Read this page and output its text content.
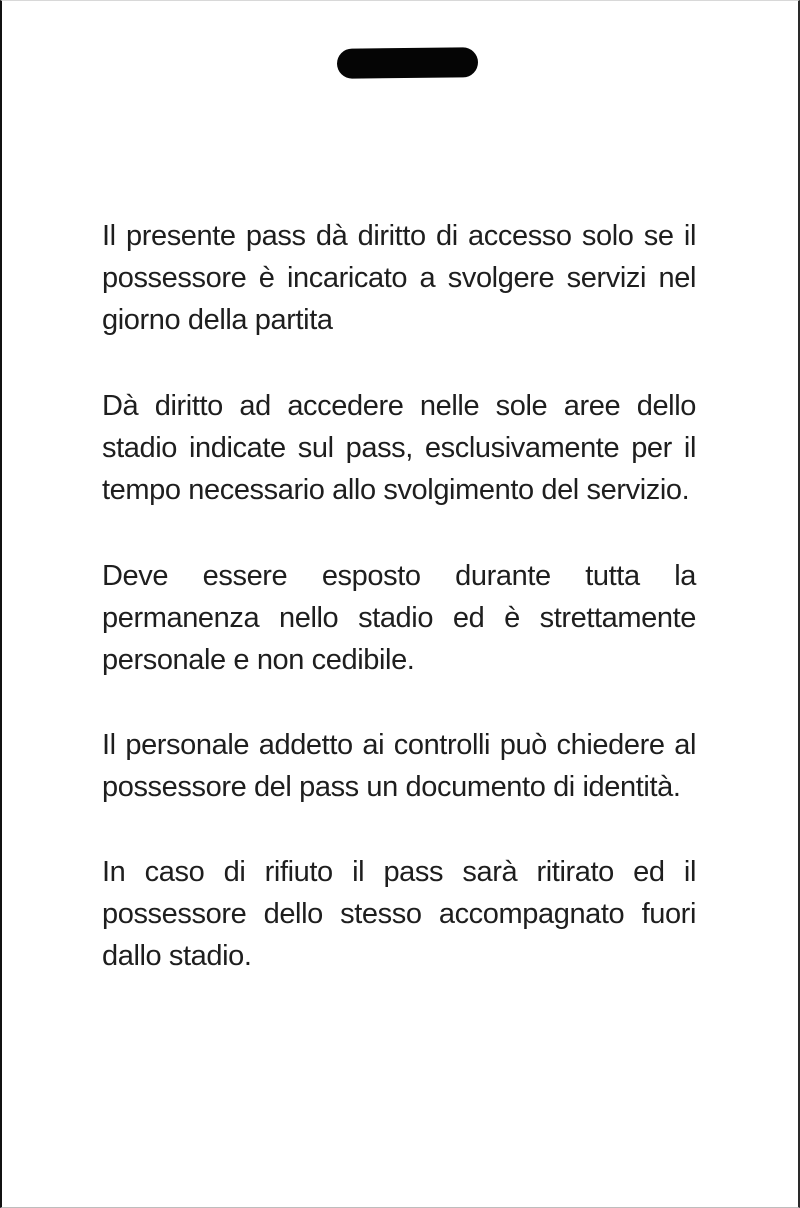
Il presente pass dà diritto di accesso solo se il possessore è incaricato a svolgere servizi nel giorno della partita

Dà diritto ad accedere nelle sole aree dello stadio indicate sul pass, esclusivamente per il tempo necessario allo svolgimento del servizio.

Deve essere esposto durante tutta la permanenza nello stadio ed è strettamente personale e non cedibile.

Il personale addetto ai controlli può chiedere al possessore del pass un documento di identità.

In caso di rifiuto il pass sarà ritirato ed il possessore dello stesso accompagnato fuori dallo stadio.
